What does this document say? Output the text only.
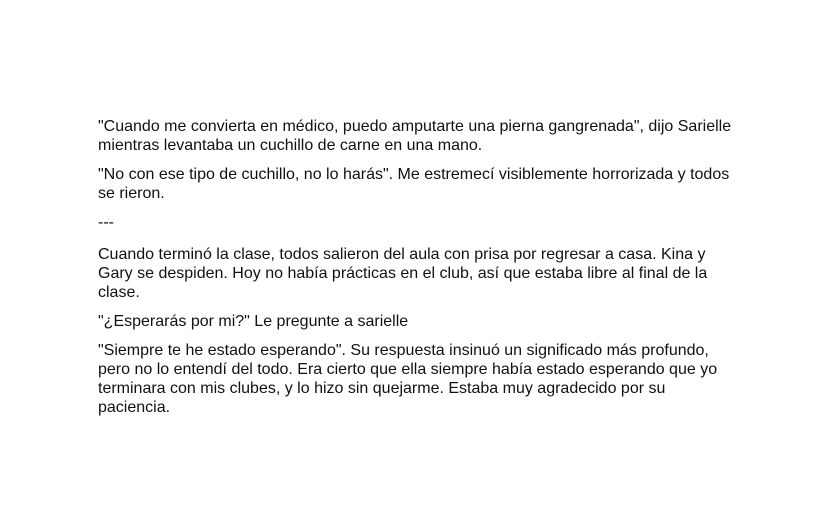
"Cuando me convierta en médico, puedo amputarte una pierna gangrenada", dijo Sarielle mientras levantaba un cuchillo de carne en una mano.

"No con ese tipo de cuchillo, no lo harás". Me estremecí visiblemente horrorizada y todos se rieron.

---

Cuando terminó la clase, todos salieron del aula con prisa por regresar a casa. Kina y Gary se despiden. Hoy no había prácticas en el club, así que estaba libre al final de la clase.

"¿Esperarás por mi?" Le pregunte a sarielle

"Siempre te he estado esperando". Su respuesta insinuó un significado más profundo, pero no lo entendí del todo. Era cierto que ella siempre había estado esperando que yo terminara con mis clubes, y lo hizo sin quejarme. Estaba muy agradecido por su paciencia.
